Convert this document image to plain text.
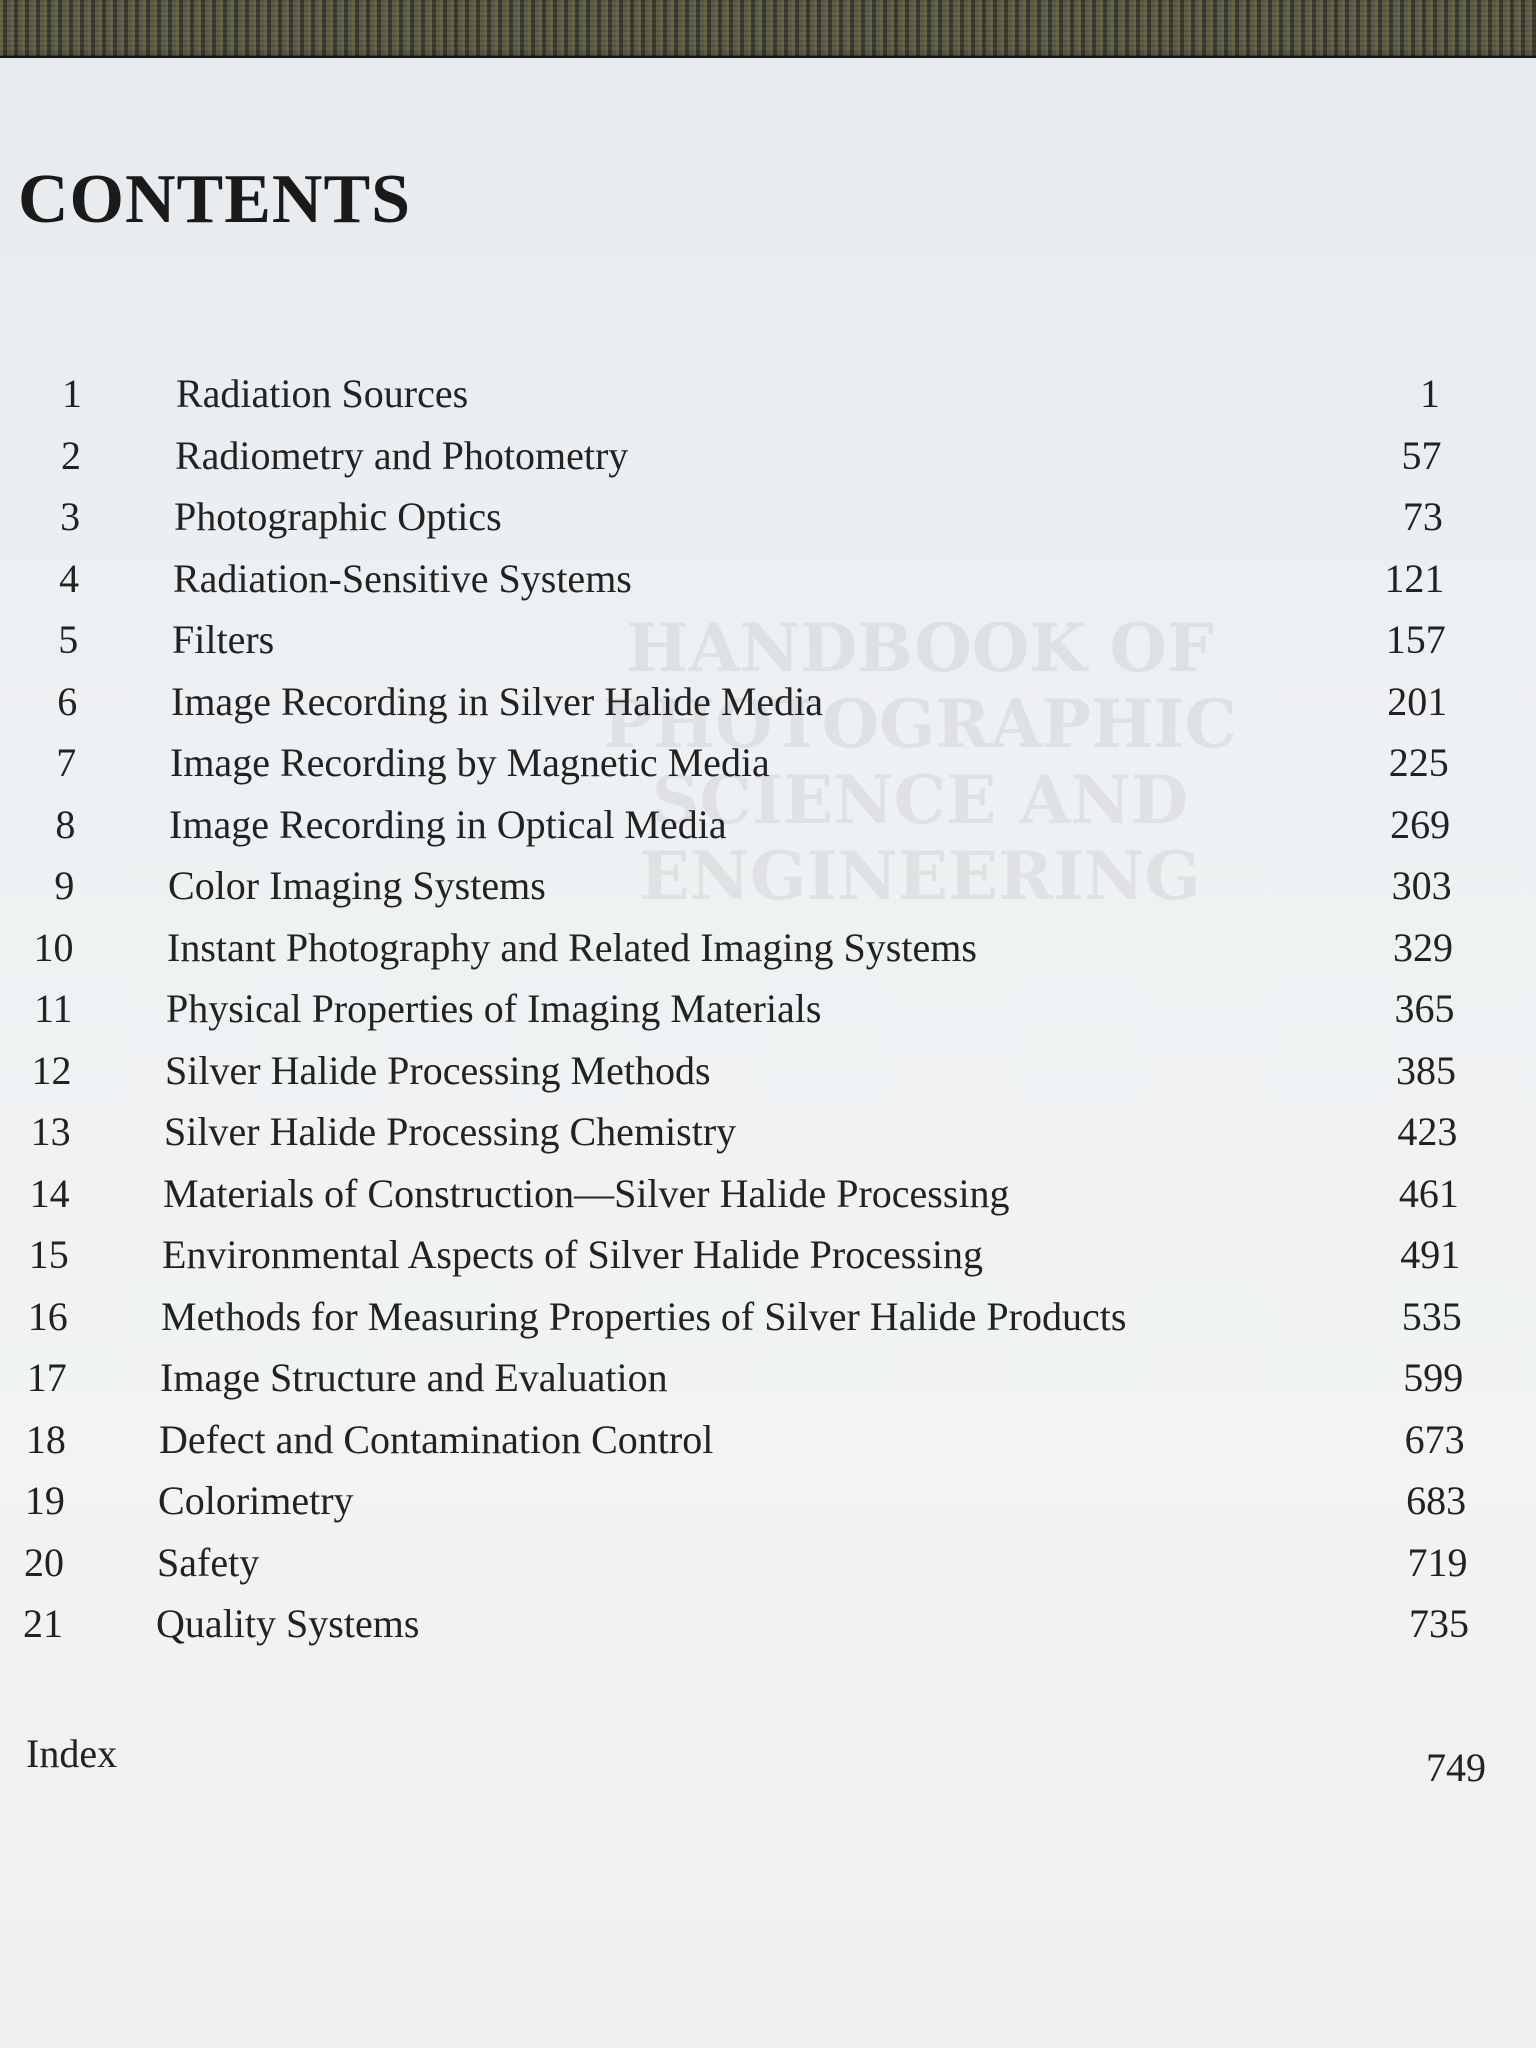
HANDBOOK OF
PHOTOGRAPHIC SCIENCE AND
ENGINEERING
CONTENTS
1 Radiation Sources	1
2 Radiometry and Photometry	57
3 Photographic Optics	73
4 Radiation-Sensitive Systems	121
5 Filters	157
6 Image Recording in Silver Halide Media	201
7 Image Recording by Magnetic Media	225
8 Image Recording in Optical Media	269
9 Color Imaging Systems	303
10 Instant Photography and Related Imaging Systems	329
11 Physical Properties of Imaging Materials	365
12 Silver Halide Processing Methods	385
13 Silver Halide Processing Chemistry	423
14 Materials of Construction—Silver Halide Processing	461
15 Environmental Aspects of Silver Halide Processing	491
16 Methods for Measuring Properties of Silver Halide Products	535
17 Image Structure and Evaluation	599
18 Defect and Contamination Control	673
19 Colorimetry	683
20 Safety	719
21 Quality Systems	735
Index	749
